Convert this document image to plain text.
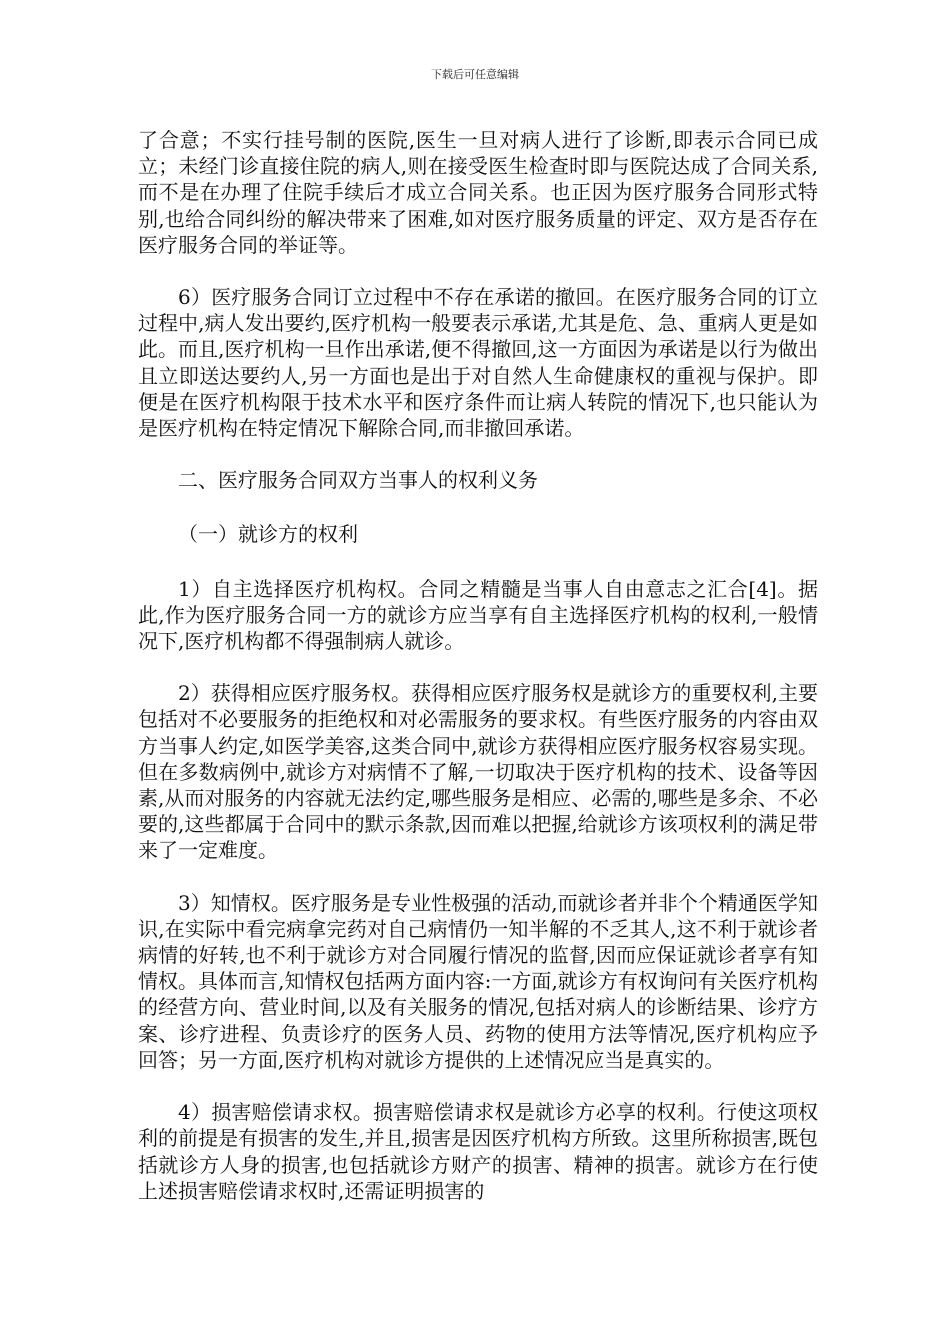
下载后可任意编辑

了合意；不实行挂号制的医院,医生一旦对病人进行了诊断,即表示合同已成立；未经门诊直接住院的病人,则在接受医生检查时即与医院达成了合同关系,而不是在办理了住院手续后才成立合同关系。也正因为医疗服务合同形式特别,也给合同纠纷的解决带来了困难,如对医疗服务质量的评定、双方是否存在医疗服务合同的举证等。

6）医疗服务合同订立过程中不存在承诺的撤回。在医疗服务合同的订立过程中,病人发出要约,医疗机构一般要表示承诺,尤其是危、急、重病人更是如此。而且,医疗机构一旦作出承诺,便不得撤回,这一方面因为承诺是以行为做出且立即送达要约人,另一方面也是出于对自然人生命健康权的重视与保护。即便是在医疗机构限于技术水平和医疗条件而让病人转院的情况下,也只能认为是医疗机构在特定情况下解除合同,而非撤回承诺。

二、医疗服务合同双方当事人的权利义务

（一）就诊方的权利

1）自主选择医疗机构权。合同之精髓是当事人自由意志之汇合[4]。据此,作为医疗服务合同一方的就诊方应当享有自主选择医疗机构的权利,一般情况下,医疗机构都不得强制病人就诊。

2）获得相应医疗服务权。获得相应医疗服务权是就诊方的重要权利,主要包括对不必要服务的拒绝权和对必需服务的要求权。有些医疗服务的内容由双方当事人约定,如医学美容,这类合同中,就诊方获得相应医疗服务权容易实现。但在多数病例中,就诊方对病情不了解,一切取决于医疗机构的技术、设备等因素,从而对服务的内容就无法约定,哪些服务是相应、必需的,哪些是多余、不必要的,这些都属于合同中的默示条款,因而难以把握,给就诊方该项权利的满足带来了一定难度。

3）知情权。医疗服务是专业性极强的活动,而就诊者并非个个精通医学知识,在实际中看完病拿完药对自己病情仍一知半解的不乏其人,这不利于就诊者病情的好转,也不利于就诊方对合同履行情况的监督,因而应保证就诊者享有知情权。具体而言,知情权包括两方面内容:一方面,就诊方有权询问有关医疗机构的经营方向、营业时间,以及有关服务的情况,包括对病人的诊断结果、诊疗方案、诊疗进程、负责诊疗的医务人员、药物的使用方法等情况,医疗机构应予回答；另一方面,医疗机构对就诊方提供的上述情况应当是真实的。

4）损害赔偿请求权。损害赔偿请求权是就诊方必享的权利。行使这项权利的前提是有损害的发生,并且,损害是因医疗机构方所致。这里所称损害,既包括就诊方人身的损害,也包括就诊方财产的损害、精神的损害。就诊方在行使上述损害赔偿请求权时,还需证明损害的
